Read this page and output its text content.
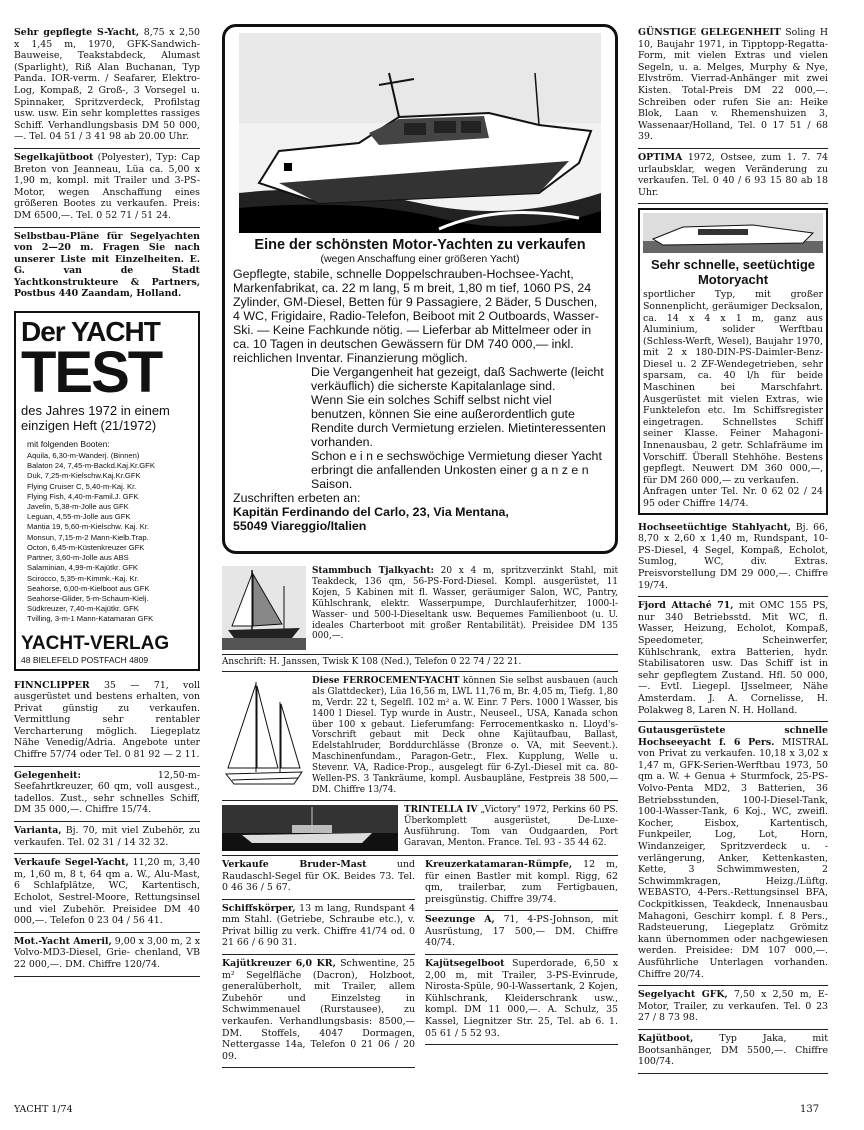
Sehr gepflegte S-Yacht, 8,75 x 2,50 x 1,45 m, 1970, GFK-Sandwich-Bauweise, Teakstabdeck, Alumast (Sparlight), Riß Alan Buchanan, Typ Panda. IOR-verm. / Seafarer, Elektro-Log, Kompaß, 2 Groß-, 3 Vorsegel u. Spinnaker, Spritzverdeck, Profilstag usw. usw. Ein sehr komplettes rassiges Schiff. Verhandlungsbasis DM 50 000,—. Tel. 04 51 / 3 41 98 ab 20.00 Uhr.

Segelkajütboot (Polyester), Typ: Cap Breton von Jeanneau, Lüa ca. 5,00 x 1,90 m, kompl. mit Trailer und 3-PS-Motor, wegen Anschaffung eines größeren Bootes zu verkaufen. Preis: DM 6500,—. Tel. 0 52 71 / 51 24.

Selbstbau-Pläne für Segelyachten von 2—20 m. Fragen Sie nach unserer Liste mit Einzelheiten. E. G. van de Stadt Yachtkonstrukteure & Partners, Postbus 440 Zaandam, Holland.

Der YACHT
TEST
des Jahres 1972 in einem einzigen Heft (21/1972)
mit folgenden Booten:
Aquila, 6,30-m-Wanderj. (Binnen)
Balaton 24, 7,45-m-Backd.Kaj.Kr.GFK
Duk, 7,25-m-Kielschw.Kaj.Kr.GFK
Flying Cruiser C, 5,40-m-Kaj. Kr.
Flying Fish, 4,40-m-Famil.J. GFK
Javelin, 5,38-m-Jolle aus GFK
Leguan, 4,55-m-Jolle aus GFK
Mantia 19, 5,60-m-Kielschw. Kaj. Kr.
Monsun, 7,15-m-2 Mann-Kielb.Trap.
Octon, 6,45-m-Küstenkreuzer GFK
Partner, 3,60-m-Jolle aus ABS
Salaminian, 4,99-m-Kajütkr. GFK
Scirocco, 5,35-m-Kimmk.-Kaj. Kr.
Seahorse, 6,00-m-Kielboot aus GFK
Seahorse-Glider, 5-m-Schaum-Kielj.
Südkreuzer, 7,40-m-Kajütkr. GFK
Tvilling, 3-m-1 Mann-Katamaran GFK
YACHT-VERLAG
48 BIELEFELD POSTFACH 4809

FINNCLIPPER 35 — 71, voll ausgerüstet und bestens erhalten, von Privat günstig zu verkaufen. Vermittlung sehr rentabler Vercharterung möglich. Liegeplatz Nähe Venedig/Adria. Angebote unter Chiffre 57/74 oder Tel. 0 81 92 — 2 11.

Gelegenheit:	12,50-m-Seefahrtkreuzer, 60 qm, voll ausgest., tadellos. Zust., sehr schnelles Schiff, DM 35 000,—. Chiffre 15/74.

Varianta, Bj. 70, mit viel Zubehör, zu verkaufen. Tel. 02 31 / 14 32 32.

Verkaufe Segel-Yacht, 11,20 m, 3,40 m, 1,60 m, 8 t, 64 qm a. W., Alu-Mast, 6 Schlafplätze, WC, Kartentisch, Echolot, Sestrel-Moore, Rettungsinsel und viel Zubehör. Preisidee DM 40 000,—. Telefon 0 23 04 / 56 41.

Mot.-Yacht Ameril, 9,00 x 3,00 m, 2 x Volvo-MD3-Diesel, Grie- chenland, VB 22 000,—. DM. Chiffre 120/74.

Eine der schönsten Motor-Yachten zu verkaufen
(wegen Anschaffung einer größeren Yacht)
Gepflegte, stabile, schnelle Doppelschrauben-Hochsee-Yacht, Markenfabrikat, ca. 22 m lang, 5 m breit, 1,80 m tief, 1060 PS, 24 Zylinder, GM-Diesel, Betten für 9 Passagiere, 2 Bäder, 5 Duschen, 4 WC, Frigidaire, Radio-Telefon, Beiboot mit 2 Outboards, Wasser-Ski. — Keine Fachkunde nötig. — Lieferbar ab Mittelmeer oder in ca. 10 Tagen in deutschen Gewässern für DM 740 000,— inkl. reichlichen Inventar. Finanzierung möglich.
Die Vergangenheit hat gezeigt, daß Sachwerte (leicht verkäuflich) die sicherste Kapitalanlage sind.
Wenn Sie ein solches Schiff selbst nicht viel benutzen, können Sie eine außerordentlich gute Rendite durch Vermietung erzielen. Mietinteressenten vorhanden.
Schon e i n e sechswöchige Vermietung dieser Yacht erbringt die anfallenden Unkosten einer g a n z e n Saison.
Zuschriften erbeten an:
Kapitän Ferdinando del Carlo, 23, Via Mentana,
55049 Viareggio/Italien
Stammbuch Tjalkyacht: 20 x 4 m, spritzverzinkt Stahl, mit Teakdeck, 136 qm, 56-PS-Ford-Diesel. Kompl. ausgerüstet, 11 Kojen, 5 Kabinen mit fl. Wasser, geräumiger Salon, WC, Pantry, Kühlschrank, elektr. Wasserpumpe, Durchlauferhitzer, 1000-l-Wasser- und 500-l-Dieseltank usw. Bequemes Familienboot (u. U. ideales Charterboot mit großer Rentabilität). Preisidee DM 135 000,—.
Anschrift: H. Janssen, Twisk K 108 (Ned.), Telefon 0 22 74 / 22 21.
Diese FERROCEMENT-YACHT können Sie selbst ausbauen (auch als Glattdecker), Lüa 16,56 m, LWL 11,76 m, Br. 4,05 m, Tiefg. 1,80 m, Verdr. 22 t, Segelfl. 102 m² a. W. Einr. 7 Pers. 1000 l Wasser, bis 1400 l Diesel. Typ wurde in Austr., Neuseel., USA, Kanada schon über 100 x gebaut. Lieferumfang: Ferrocementkasko n. Lloyd's-Vorschrift gebaut mit Deck ohne Kajütaufbau, Ballast, Edelstahlruder, Borddurchlässe (Bronze o. VA, mit Seevent.). Maschinenfundam., Paragon-Getr., Flex. Kupplung, Welle u. Stevenr. VA, Radice-Prop., ausgelegt für 6-Zyl.-Diesel mit ca. 80-Wellen-PS. 3 Tankräume, kompl. Ausbaupläne, Festpreis 38 500,— DM. Chiffre 13/74.
TRINTELLA IV „Victory" 1972, Perkins 60 PS. Überkomplett ausgerüstet, De-Luxe-Ausführung. Tom van Oudgaarden, Port Garavan, Menton. France. Tel. 93 - 35 44 62.

Verkaufe Bruder-Mast	und Raudaschl-Segel für OK. Beides 73. Tel. 0 46 36 / 5 67.

Schiffskörper, 13 m lang, Rundspant 4 mm Stahl. (Getriebe, Schraube etc.), v. Privat billig zu verk. Chiffre 41/74 od. 0 21 66 / 6 90 31.

Kajütkreuzer 6,0 KR, Schwentine, 25 m² Segelfläche (Dacron), Holzboot, generalüberholt, mit Trailer, allem Zubehör und Einzelsteg in Schwimmenauel (Rurstausee), zu verkaufen. Verhandlungsbasis: 8500,— DM. Stoffels, 4047 Dormagen, Nettergasse 14a, Telefon 0 21 06 / 20 09.

Kreuzerkatamaran-Rümpfe, 12 m, für einen Bastler mit kompl. Rigg, 62 qm, trailerbar, zum Fertigbauen, preisgünstig. Chiffre 39/74.

Seezunge A, 71, 4-PS-Johnson, mit Ausrüstung, 17 500,— DM. Chiffre 40/74.

Kajütsegelboot Superdorade, 6,50 x 2,00 m, mit Trailer, 3-PS-Evinrude, Nirosta-Spüle, 90-l-Wassertank, 2 Kojen, Kühlschrank, Kleiderschrank usw., kompl. DM 11 000,—. A. Schulz, 35 Kassel, Liegnitzer Str. 25, Tel. ab 6. 1. 05 61 / 5 52 93.

GÜNSTIGE GELEGENHEIT Soling H 10, Baujahr 1971, in Tipptopp-Regatta-Form, mit vielen Extras und vielen Segeln, u. a. Melges, Murphy & Nye, Elvström. Vierrad-Anhänger mit zwei Kisten. Total-Preis DM 22 000,—. Schreiben oder rufen Sie an: Heike Blok, Laan v. Rhemenshuizen 3, Wassenaar/Holland, Tel. 0 17 51 / 68 39.

OPTIMA 1972, Ostsee, zum 1. 7. 74 urlaubsklar, wegen Veränderung zu verkaufen. Tel. 0 40 / 6 93 15 80 ab 18 Uhr.

Sehr schnelle, seetüchtige Motoryacht

sportlicher Typ, mit großer Sonnenplicht, geräumiger Decksalon, ca. 14 x 4 x 1 m, ganz aus Aluminium, solider Werftbau (Schless-Werft, Wesel), Baujahr 1970, mit 2 x 180-DIN-PS-Daimler-Benz-Diesel u. 2 ZF-Wendegetrieben, sehr sparsam, ca. 40 l/h für beide Maschinen bei Marschfahrt. Ausgerüstet mit vielen Extras, wie Funktelefon etc. Im Schiffsregister eingetragen. Schnellstes Schiff seiner Klasse. Feiner Mahagoni-Innenausbau, 2 getr. Schlafräume im Vorschiff. Überall Stehhöhe. Bestens gepflegt. Neuwert DM 360 000,—, für DM 260 000,— zu verkaufen.

Anfragen unter Tel. Nr. 0 62 02 / 24 95 oder Chiffre 14/74.

Hochseetüchtige Stahlyacht, Bj. 66, 8,70 x 2,60 x 1,40 m, Rundspant, 10-PS-Diesel, 4 Segel, Kompaß, Echolot, Sumlog, WC, div. Extras. Preisvorstellung DM 29 000,—. Chiffre 19/74.

Fjord Attaché 71, mit OMC 155 PS, nur 340 Betriebsstd. Mit WC, fl. Wasser, Heizung, Echolot, Kompaß, Speedometer, Scheinwerfer, Kühlschrank, extra Batterien, hydr. Stabilisatoren usw. Das Schiff ist in sehr gepflegtem Zustand. Hfl. 50 000,—. Evtl. Liegepl. IJsselmeer, Nähe Amsterdam. J. A. Cornelisse, H. Polakweg 8, Laren N. H. Holland.

Gutausgerüstete schnelle Hochseeyacht f. 6 Pers. MISTRAL von Privat zu verkaufen. 10,18 x 3,02 x 1,47 m, GFK-Serien-Werftbau 1973, 50 qm a. W. + Genua + Sturmfock, 25-PS-Volvo-Penta MD2, 3 Batterien, 36 Betriebsstunden, 100-l-Diesel-Tank, 100-l-Wasser-Tank, 6 Koj., WC, zweifl. Kocher, Eisbox, Kartentisch, Funkpeiler, Log, Lot, Horn, Windanzeiger, Spritzverdeck u. -verlängerung, Anker, Kettenkasten, Kette, 3 Schwimmwesten, 2 Schwimmkragen, Heizg./Lüftg. WEBASTO, 4-Pers.-Rettungsinsel BFA, Cockpitkissen, Teakdeck, Innenausbau Mahagoni, Geschirr kompl. f. 8 Pers., Radsteuerung, Liegeplatz Grömitz kann übernommen oder nachgewiesen werden. Preisidee: DM 107 000,—. Ausführliche Unterlagen vorhanden. Chiffre 20/74.

Segelyacht GFK, 7,50 x 2,50 m, E-Motor, Trailer, zu verkaufen. Tel. 0 23 27 / 8 73 98.

Kajütboot,	Typ Jaka, mit Bootsanhänger, DM 5500,—. Chiffre 100/74.

YACHT 1/74	137
